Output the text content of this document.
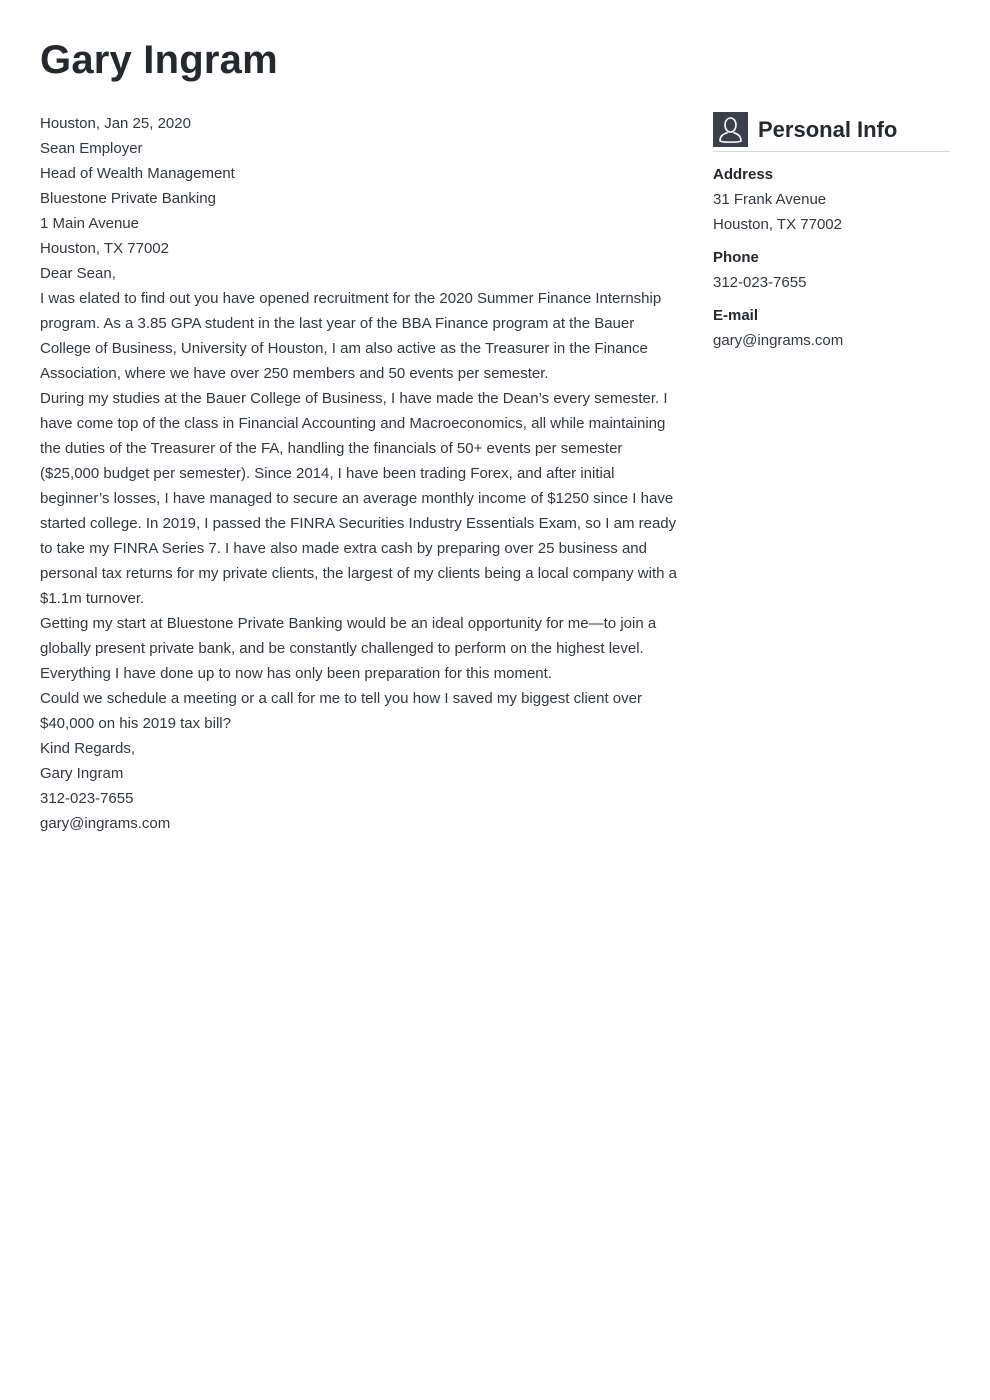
Gary Ingram

Houston, Jan 25, 2020

Sean Employer
Head of Wealth Management
Bluestone Private Banking
1 Main Avenue
Houston, TX 77002

Dear Sean,

I was elated to find out you have opened recruitment for the 2020 Summer Finance Internship program. As a 3.85 GPA student in the last year of the BBA Finance program at the Bauer College of Business, University of Houston, I am also active as the Treasurer in the Finance Association, where we have over 250 members and 50 events per semester.

During my studies at the Bauer College of Business, I have made the Dean’s every semester. I have come top of the class in Financial Accounting and Macroeconomics, all while maintaining the duties of the Treasurer of the FA, handling the financials of 50+ events per semester ($25,000 budget per semester). Since 2014, I have been trading Forex, and after initial beginner’s losses, I have managed to secure an average monthly income of $1250 since I have started college. In 2019, I passed the FINRA Securities Industry Essentials Exam, so I am ready to take my FINRA Series 7. I have also made extra cash by preparing over 25 business and personal tax returns for my private clients, the largest of my clients being a local company with a $1.1m turnover.

Getting my start at Bluestone Private Banking would be an ideal opportunity for me—to join a globally present private bank, and be constantly challenged to perform on the highest level. Everything I have done up to now has only been preparation for this moment.

Could we schedule a meeting or a call for me to tell you how I saved my biggest client over $40,000 on his 2019 tax bill?

Kind Regards,
Gary Ingram

312-023-7655
gary@ingrams.com

Personal Info
Address
31 Frank Avenue
Houston, TX 77002
Phone
312-023-7655
E-mail
gary@ingrams.com
